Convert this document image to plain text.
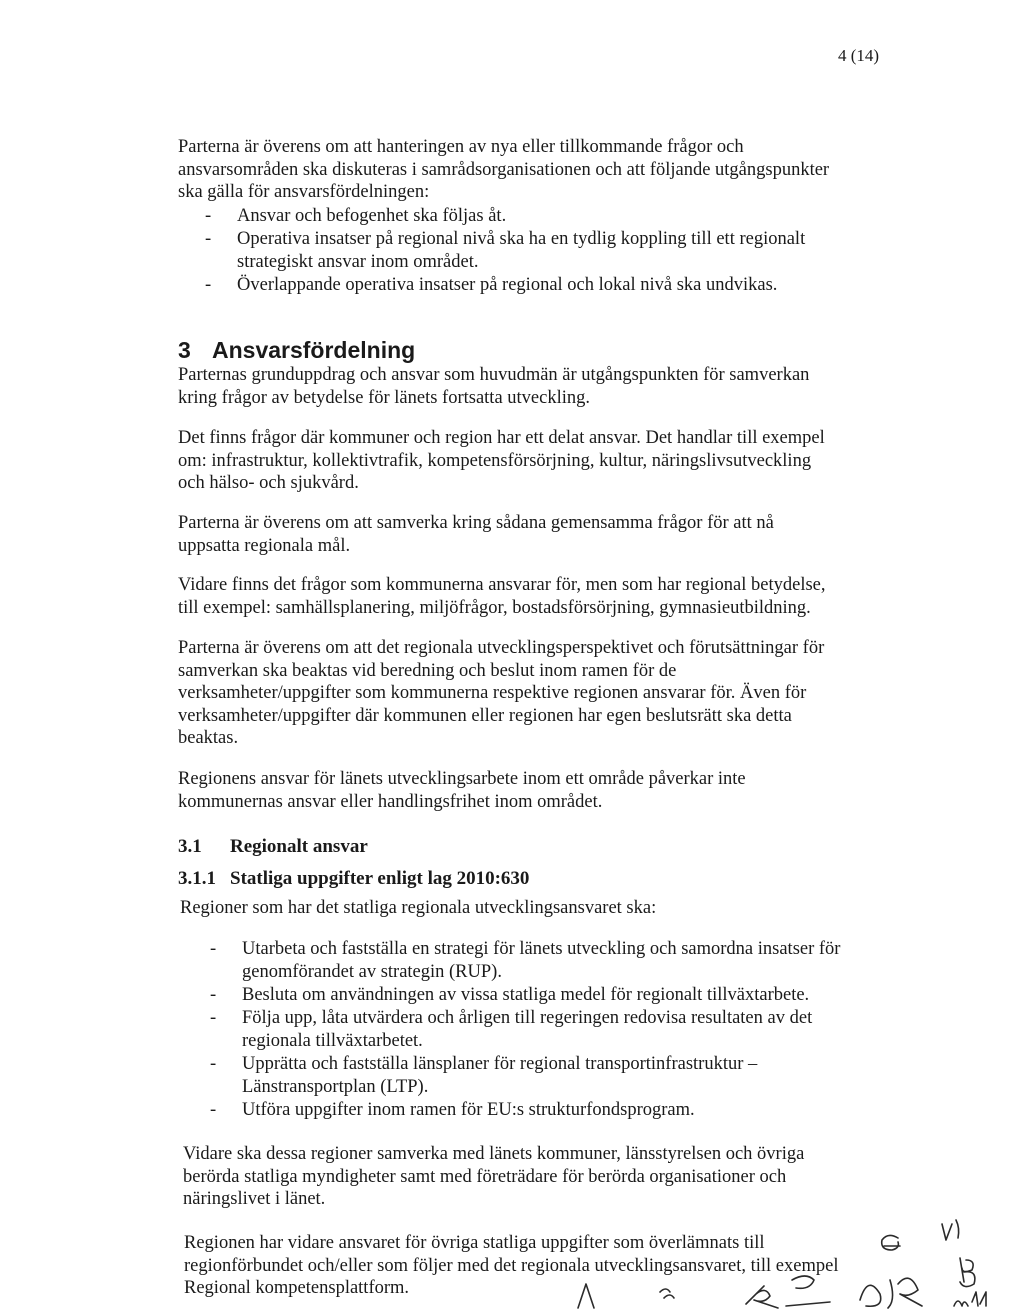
4 (14)
Parterna är överens om att hanteringen av nya eller tillkommande frågor och
ansvarsområden ska diskuteras i samrådsorganisationen och att följande utgångspunkter
ska gälla för ansvarsfördelningen:
- Ansvar och befogenhet ska följas åt.
- Operativa insatser på regional nivå ska ha en tydlig koppling till ett regionalt
strategiskt ansvar inom området.
- Överlappande operativa insatser på regional och lokal nivå ska undvikas.
3 Ansvarsfördelning
Parternas grunduppdrag och ansvar som huvudmän är utgångspunkten för samverkan
kring frågor av betydelse för länets fortsatta utveckling.
Det finns frågor där kommuner och region har ett delat ansvar. Det handlar till exempel
om: infrastruktur, kollektivtrafik, kompetensförsörjning, kultur, näringslivsutveckling
och hälso- och sjukvård.
Parterna är överens om att samverka kring sådana gemensamma frågor för att nå
uppsatta regionala mål.
Vidare finns det frågor som kommunerna ansvarar för, men som har regional betydelse,
till exempel: samhällsplanering, miljöfrågor, bostadsförsörjning, gymnasieutbildning.
Parterna är överens om att det regionala utvecklingsperspektivet och förutsättningar för
samverkan ska beaktas vid beredning och beslut inom ramen för de
verksamheter/uppgifter som kommunerna respektive regionen ansvarar för. Även för
verksamheter/uppgifter där kommunen eller regionen har egen beslutsrätt ska detta
beaktas.
Regionens ansvar för länets utvecklingsarbete inom ett område påverkar inte
kommunernas ansvar eller handlingsfrihet inom området.
3.1 Regionalt ansvar
3.1.1 Statliga uppgifter enligt lag 2010:630
Regioner som har det statliga regionala utvecklingsansvaret ska:
- Utarbeta och fastställa en strategi för länets utveckling och samordna insatser för
genomförandet av strategin (RUP).
- Besluta om användningen av vissa statliga medel för regionalt tillväxtarbete.
- Följa upp, låta utvärdera och årligen till regeringen redovisa resultaten av det
regionala tillväxtarbetet.
- Upprätta och fastställa länsplaner för regional transportinfrastruktur –
Länstransportplan (LTP).
- Utföra uppgifter inom ramen för EU:s strukturfondsprogram.
Vidare ska dessa regioner samverka med länets kommuner, länsstyrelsen och övriga
berörda statliga myndigheter samt med företrädare för berörda organisationer och
näringslivet i länet.
Regionen har vidare ansvaret för övriga statliga uppgifter som överlämnats till
regionförbundet och/eller som följer med det regionala utvecklingsansvaret, till exempel
Regional kompetensplattform.
